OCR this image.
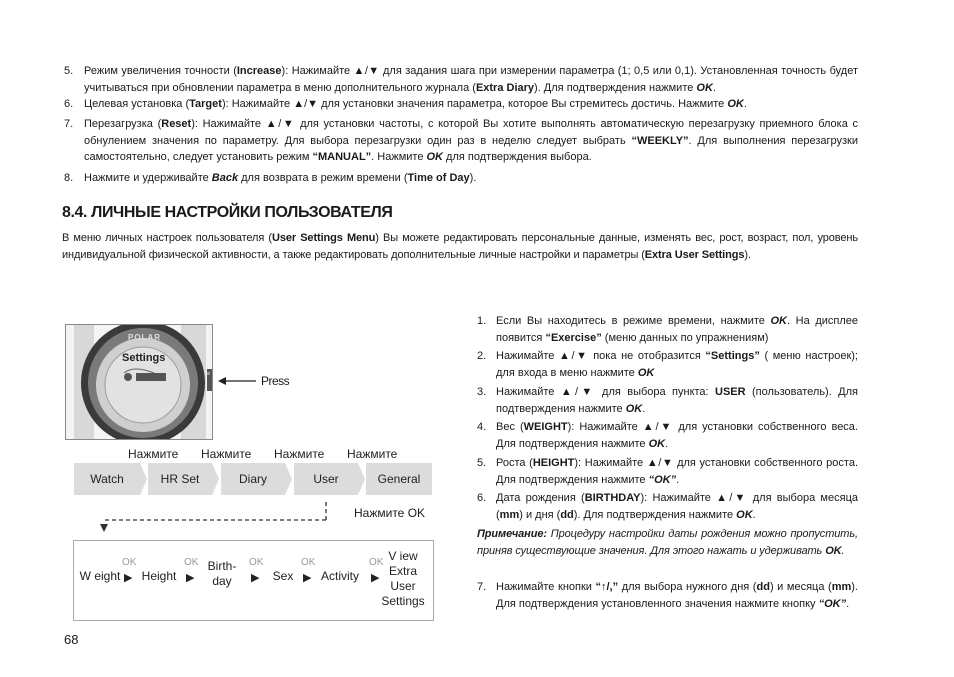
5. Режим увеличения точности (Increase): Нажимайте ▲/▼ для задания шага при измерении параметра (1; 0,5 или 0,1). Установленная точность будет учитываться при обновлении параметра в меню дополнительного журнала (Extra Diary). Для подтверждения нажмите OK.
6. Целевая установка (Target): Нажимайте ▲/▼ для установки значения параметра, которое Вы стремитесь достичь. Нажмите OK.
7. Перезагрузка (Reset): Нажимайте ▲/▼ для установки частоты, с которой Вы хотите выполнять автоматическую перезагрузку приемного блока с обнулением значения по параметру. Для выбора перезагрузки один раз в неделю следует выбрать “WEEKLY”. Для выполнения перезагрузки самостоятельно, следует установить режим “MANUAL”. Нажмите OK для подтверждения выбора.
8. Нажмите и удерживайте Back для возврата в режим времени (Time of Day).
8.4. ЛИЧНЫЕ НАСТРОЙКИ ПОЛЬЗОВАТЕЛЯ
В меню личных настроек пользователя (User Settings Menu) Вы можете редактировать персональные данные, изменять вес, рост, возраст, пол, уровень индивидуальной физической активности, а также редактировать дополнительные личные настройки и параметры (Extra User Settings).
POLAR
Settings
Press
Нажмите Нажмите Нажмите Нажмите
Watch	HR Set	Diary	User	General
Нажмите OK
W eight ▶
OK
Height ▶
OK Birth-
day	▶
OK
Sex ▶
OK
Activity ▶
OK V iew
Extra
User
Settings
1. Если Вы находитесь в режиме времени, нажмите OK. На дисплее появится “Exercise” (меню данных по упражнениям)
2. Нажимайте ▲/▼ пока не отобразится “Settings” ( меню настроек); для входа в меню нажмите OK
3. Нажимайте ▲/▼ для выбора пункта: USER (пользователь). Для подтверждения нажмите OK.
4. Вес (WEIGHT): Нажимайте ▲/▼ для установки собственного веса. Для подтверждения нажмите OK.
5. Роста (HEIGHT): Нажимайте ▲/▼ для установки собственного роста. Для подтверждения нажмите “OK”.
6. Дата рождения (BIRTHDAY): Нажимайте ▲/▼ для выбора месяца (mm) и дня (dd). Для подтверждения нажмите OK.
Примечание: Процедуру настройки даты рождения можно пропустить, приняв существующие значения. Для этого нажать и удерживать OK.
7. Нажимайте кнопки “↑/,” для выбора нужного дня (dd) и месяца (mm). Для подтверждения установленного значения нажмите кнопку “OK”.
68
